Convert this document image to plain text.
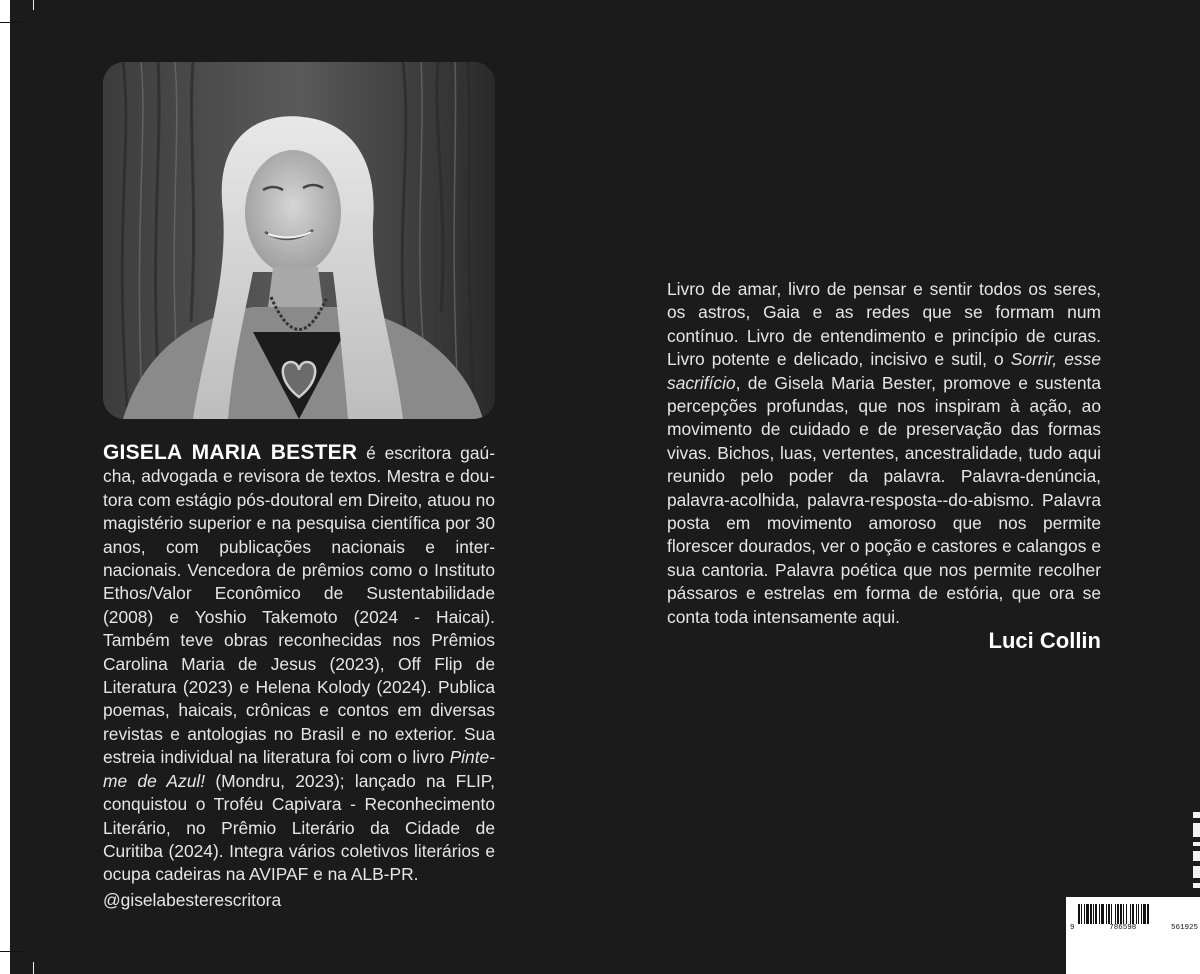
GISELA MARIA BESTER é escritora gaú-cha, advogada e revisora de textos. Mestra e dou-tora com estágio pós-doutoral em Direito, atuou no magistério superior e na pesquisa científica por 30 anos, com publicações nacionais e inter-nacionais. Vencedora de prêmios como o Instituto Ethos/Valor Econômico de Sustentabilidade (2008) e Yoshio Takemoto (2024 - Haicai). Também teve obras reconhecidas nos Prêmios Carolina Maria de Jesus (2023), Off Flip de Literatura (2023) e Helena Kolody (2024). Publica poemas, haicais, crônicas e contos em diversas revistas e antologias no Brasil e no exterior. Sua estreia individual na literatura foi com o livro Pinte-me de Azul! (Mondru, 2023); lançado na FLIP, conquistou o Troféu Capivara - Reconhecimento Literário, no Prêmio Literário da Cidade de Curitiba (2024). Integra vários coletivos literários e ocupa cadeiras na AVIPAF e na ALB-PR.
@giselabesterescritora
Livro de amar, livro de pensar e sentir todos os seres, os astros, Gaia e as redes que se formam num contínuo. Livro de entendimento e princípio de curas. Livro potente e delicado, incisivo e sutil, o Sorrir, esse sacrifício, de Gisela Maria Bester, promove e sustenta percepções profundas, que nos inspiram à ação, ao movimento de cuidado e de preservação das formas vivas. Bichos, luas, vertentes, ancestralidade, tudo aqui reunido pelo poder da palavra. Palavra-denúncia, palavra-acolhida, palavra-resposta--do-abismo. Palavra posta em movimento amoroso que nos permite florescer dourados, ver o poção e castores e calangos e sua cantoria. Palavra poética que nos permite recolher pássaros e estrelas em forma de estória, que ora se conta toda intensamente aqui.
Luci Collin
9	786598	561925
